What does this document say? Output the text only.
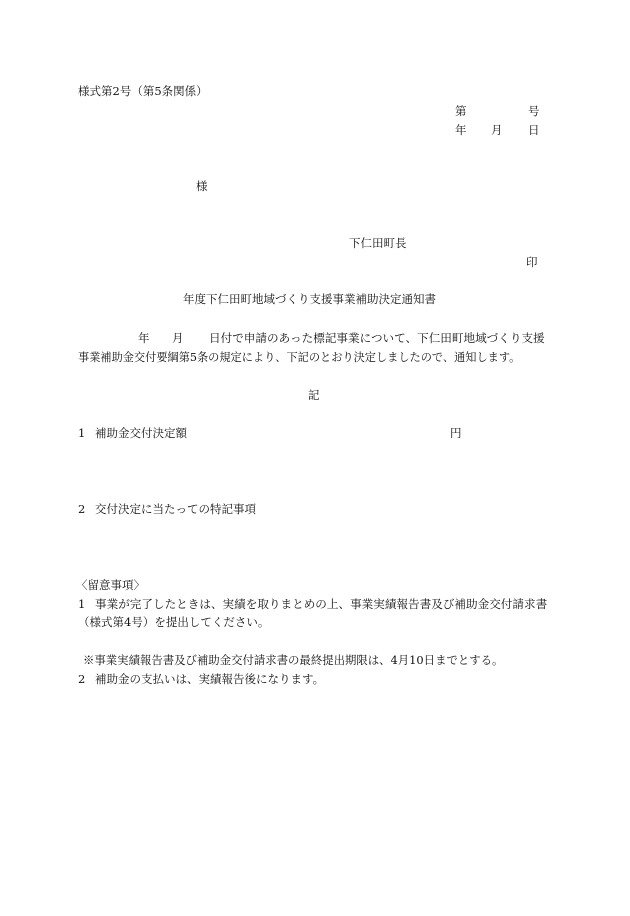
様式第2号（第5条関係）
第	号
年 月 日
様
下仁田町長
印
年度下仁田町地域づくり支援事業補助決定通知書
年 月 日付で申請のあった標記事業について、下仁田町地域づくり支援
事業補助金交付要綱第5条の規定により、下記のとおり決定しましたので、通知します。
記
1 補助金交付決定額	円
2 交付決定に当たっての特記事項
〈留意事項〉
1 事業が完了したときは、実績を取りまとめの上、事業実績報告書及び補助金交付請求書
（様式第4号）を提出してください。
※事業実績報告書及び補助金交付請求書の最終提出期限は、4月10日までとする。
2 補助金の支払いは、実績報告後になります。
